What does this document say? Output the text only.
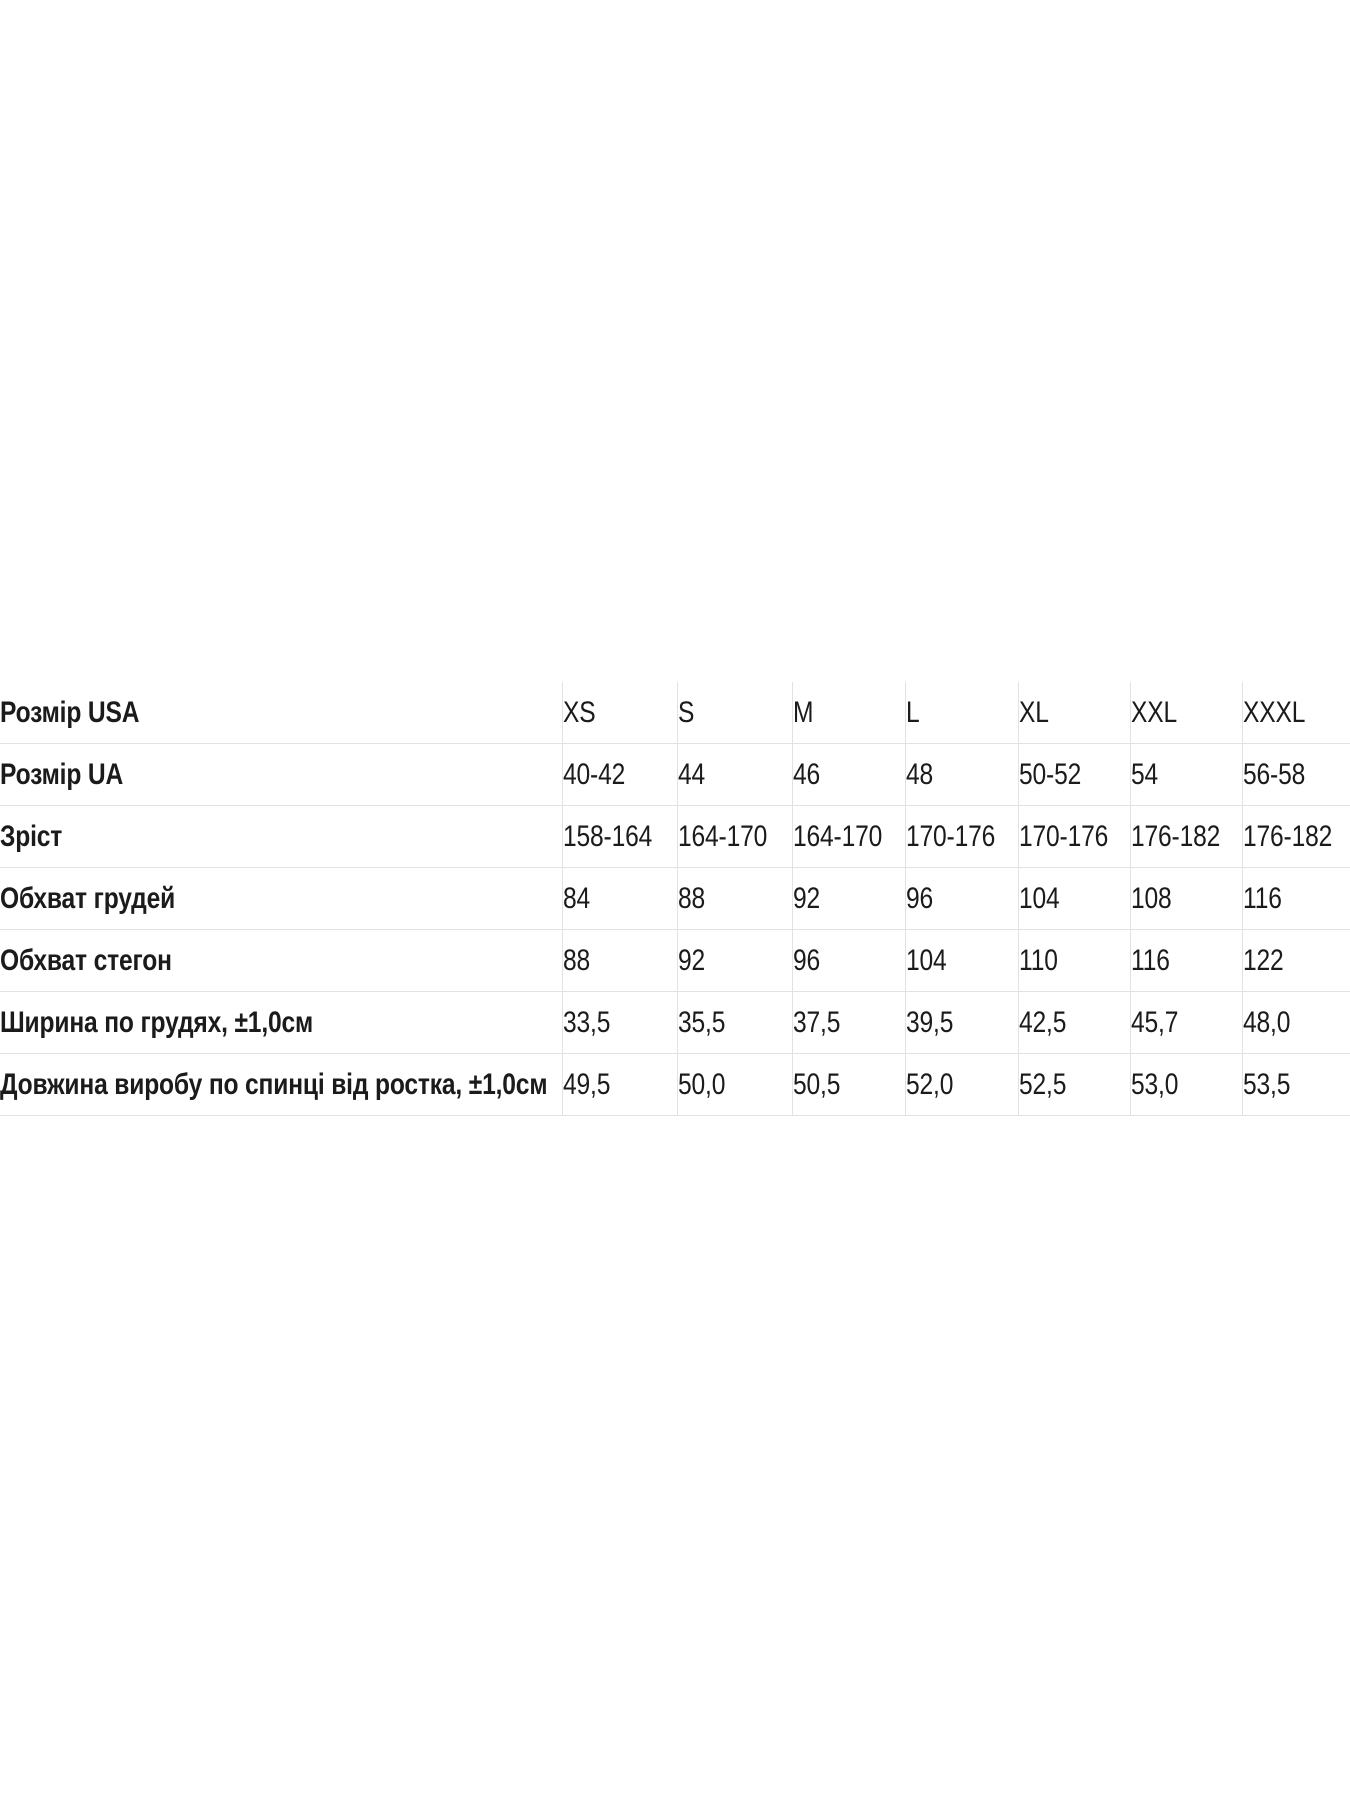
Розмір USA	XS	S	M	L	XL	XXL	XXXL
Розмір UA	40-42	44	46	48	50-52	54	56-58
Зріст	158-164	164-170	164-170	170-176	170-176	176-182	176-182
Обхват грудей	84	88	92	96	104	108	116
Обхват стегон	88	92	96	104	110	116	122
Ширина по грудях, ±1,0см	33,5	35,5	37,5	39,5	42,5	45,7	48,0
Довжина виробу по спинці від ростка, ±1,0см	49,5	50,0	50,5	52,0	52,5	53,0	53,5
